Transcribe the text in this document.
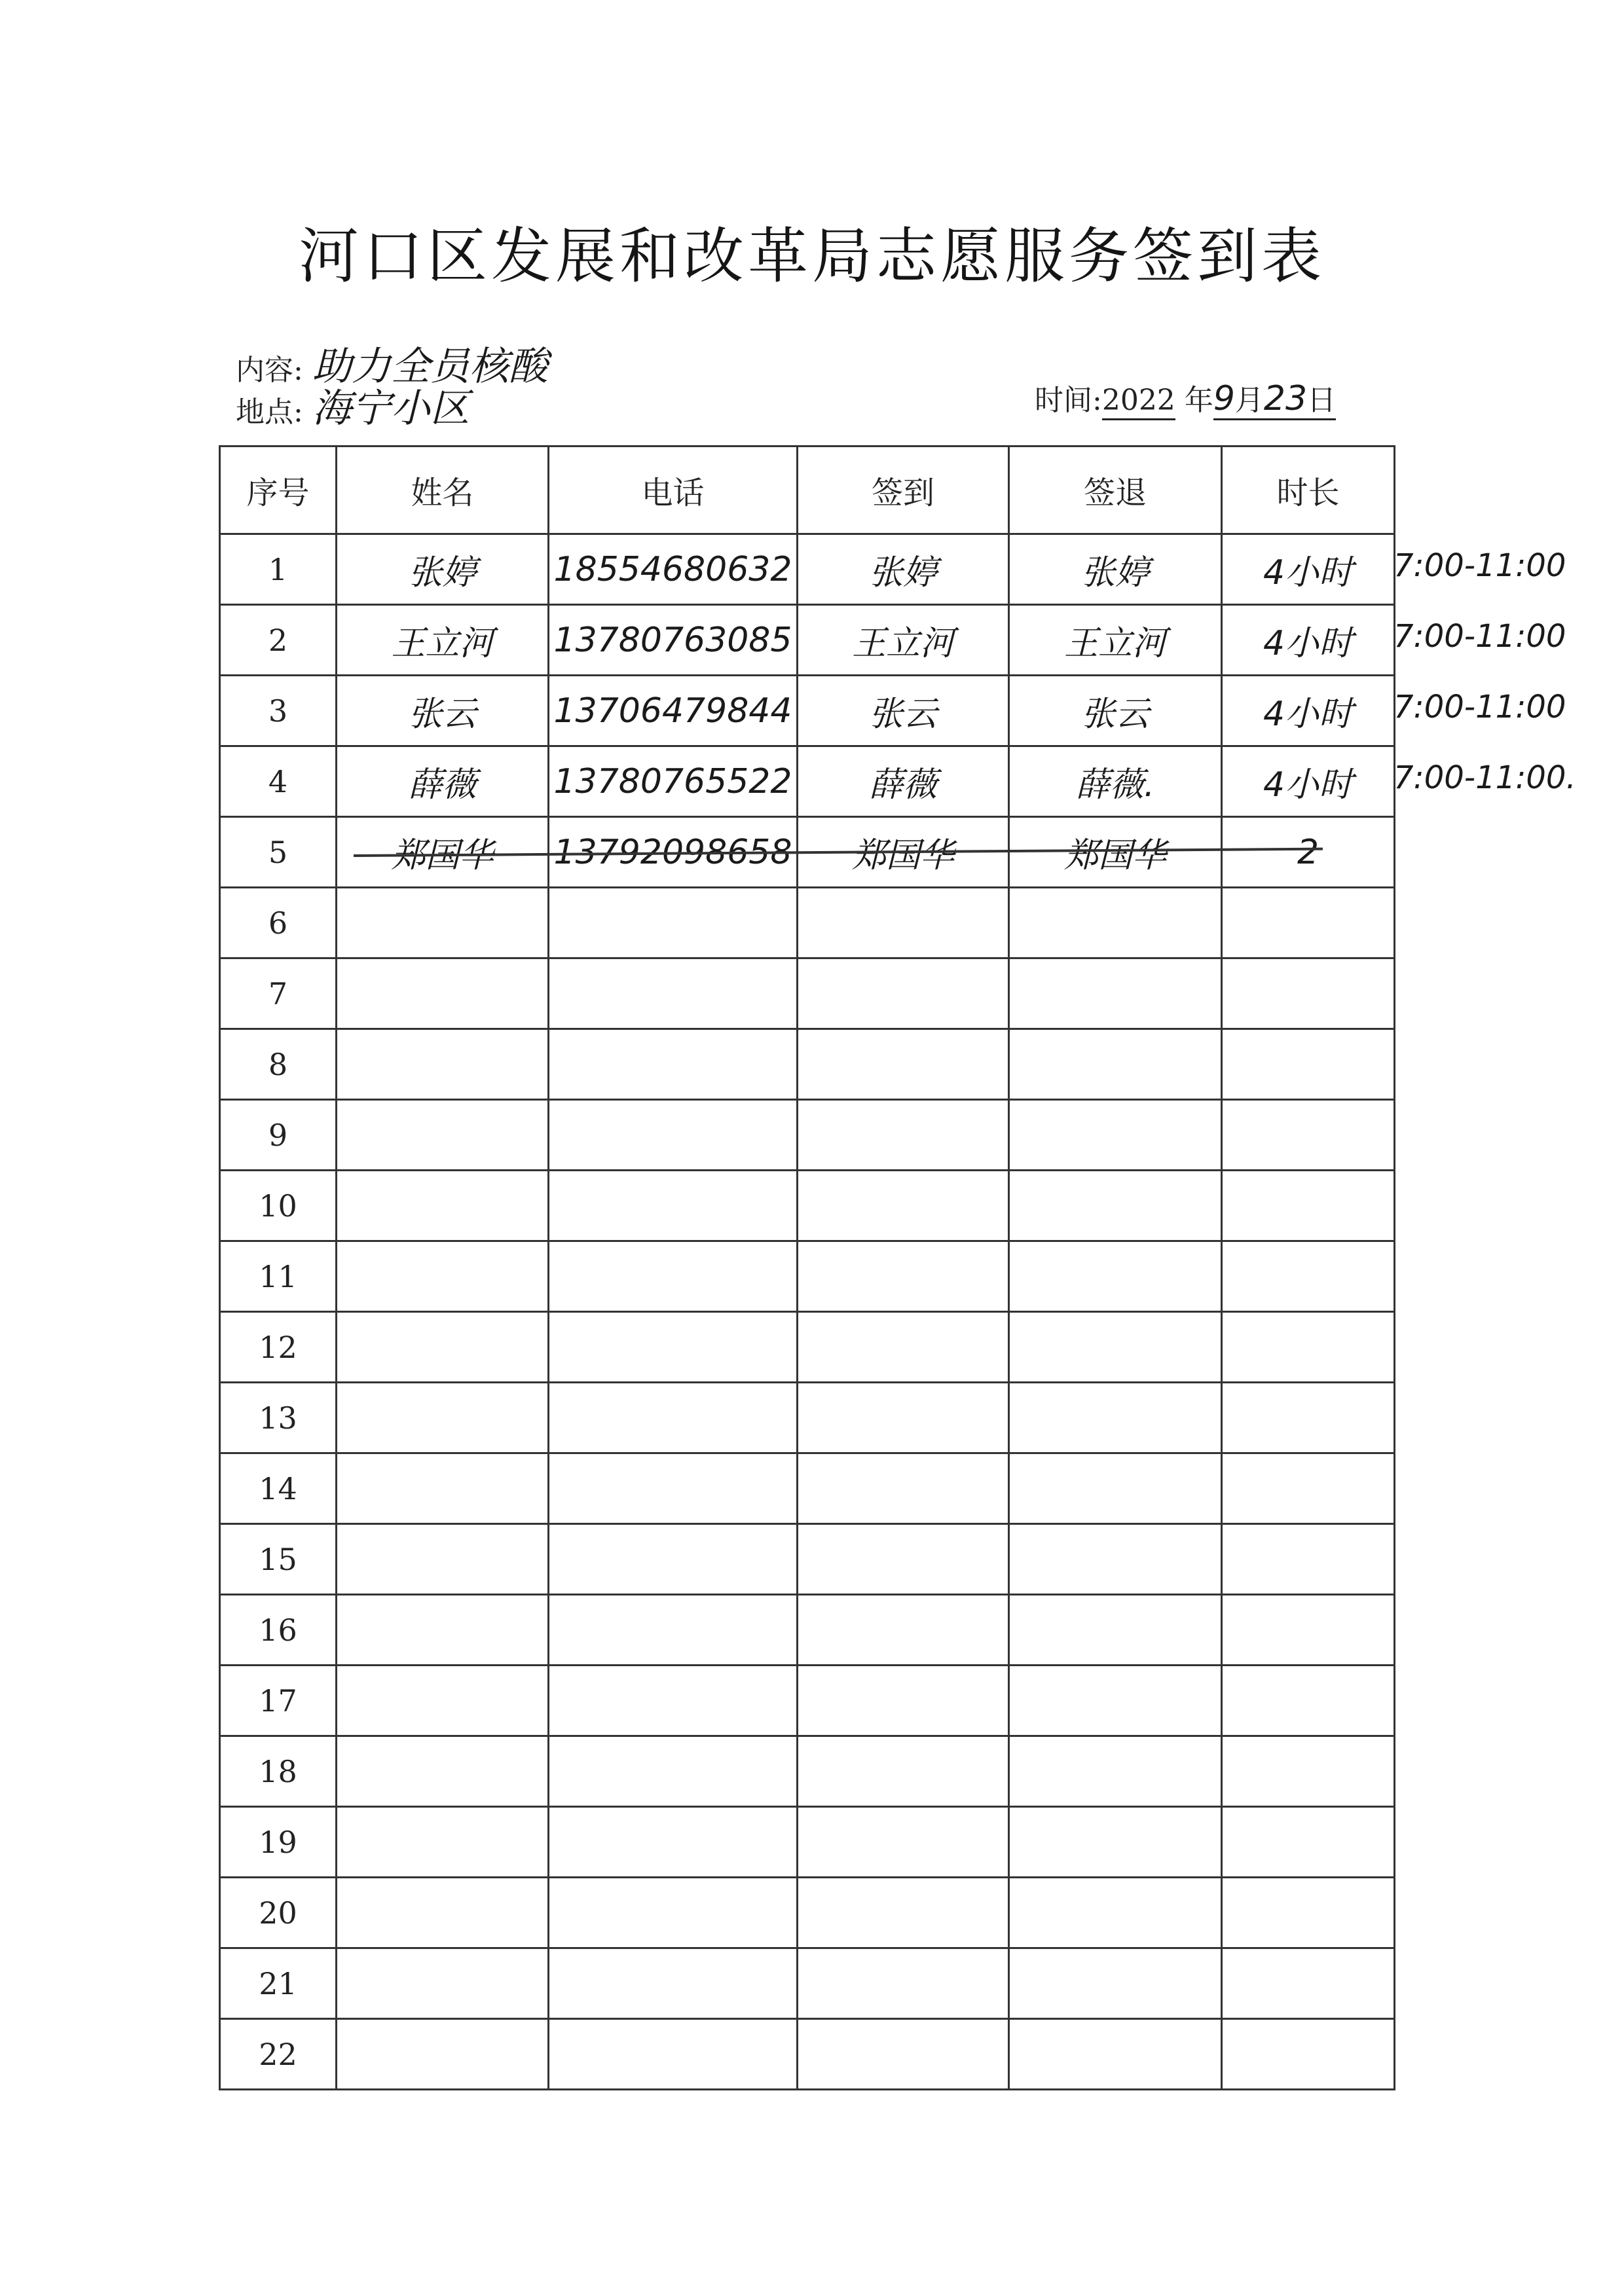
河口区发展和改革局志愿服务签到表
内容: 助力全员核酸
地点: 海宁小区	时间:2022 年9月23日
序号	姓名	电话	签到	签退	时长
1	张婷	18554680632	张婷	张婷	4小时
2	王立河	13780763085	王立河	王立河	4小时
3	张云	13706479844	张云	张云	4小时
4	薛薇	13780765522	薛薇	薛薇.	4小时
5	郑国华	13792098658	郑国华	郑国华	2
6					
7					
8					
9					
10					
11					
12					
13					
14					
15					
16					
17					
18					
19					
20					
21					
22					
7:00-11:00
7:00-11:00
7:00-11:00
7:00-11:00.
